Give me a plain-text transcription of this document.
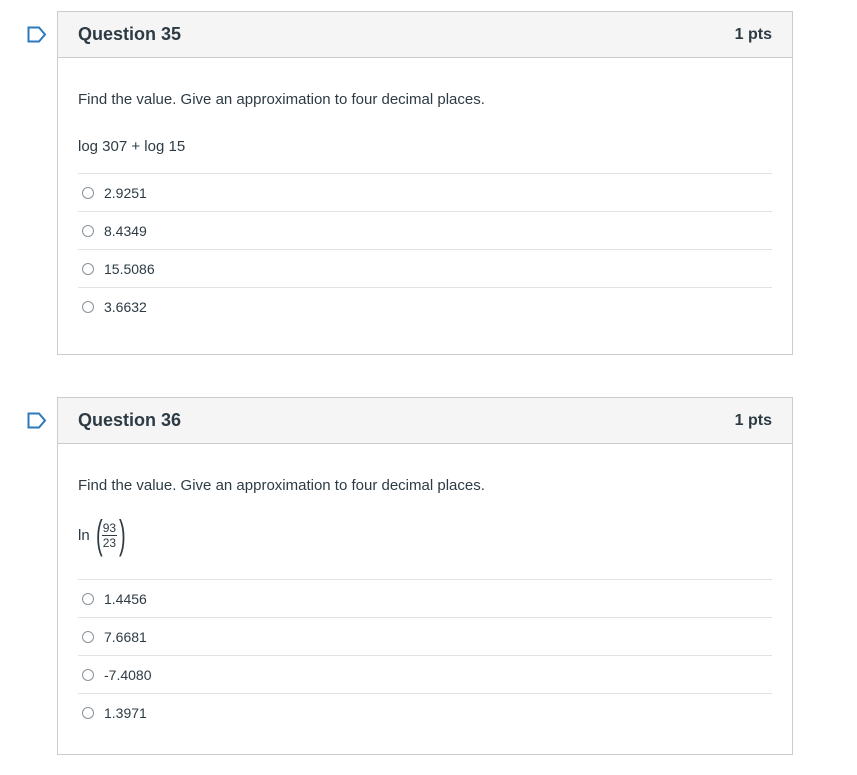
Question 35	1 pts
Find the value. Give an approximation to four decimal places.
log 307 + log 15
2.9251
8.4349
15.5086
3.6632
Question 36	1 pts
Find the value. Give an approximation to four decimal places.
ln ( $\frac{93}{23}$ )
1.4456
7.6681
-7.4080
1.3971
